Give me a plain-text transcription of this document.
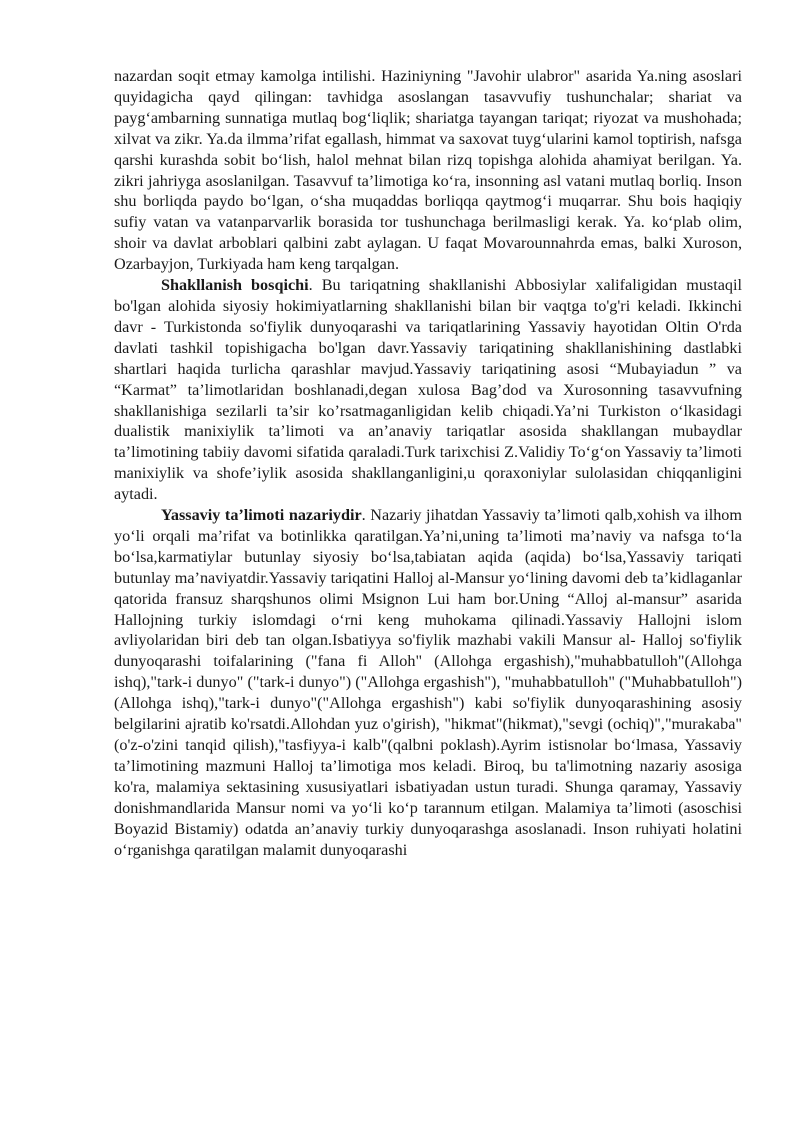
nazardan soqit etmay kamolga intilishi. Haziniyning "Javohir ulabror" asarida Ya.ning asoslari quyidagicha qayd qilingan: tavhidga asoslangan tasavvufiy tushunchalar; shariat va payg‘ambarning sunnatiga mutlaq bog‘liqlik; shariatga tayangan tariqat; riyozat va mushohada; xilvat va zikr. Ya.da ilmma’rifat egallash, himmat va saxovat tuyg‘ularini kamol toptirish, nafsga qarshi kurashda sobit bo‘lish, halol mehnat bilan rizq topishga alohida ahamiyat berilgan. Ya. zikri jahriyga asoslanilgan. Tasavvuf ta’limotiga ko‘ra, insonning asl vatani mutlaq borliq. Inson shu borliqda paydo bo‘lgan, o‘sha muqaddas borliqqa qaytmog‘i muqarrar. Shu bois haqiqiy sufiy vatan va vatanparvarlik borasida tor tushunchaga berilmasligi kerak. Ya. ko‘plab olim, shoir va davlat arboblari qalbini zabt aylagan. U faqat Movarounnahrda emas, balki Xuroson, Ozarbayjon, Turkiyada ham keng tarqalgan.

Shakllanish bosqichi. Bu tariqatning shakllanishi Abbosiylar xalifaligidan mustaqil bo'lgan alohida siyosiy hokimiyatlarning shakllanishi bilan bir vaqtga to'g'ri keladi. Ikkinchi davr - Turkistonda so'fiylik dunyoqarashi va tariqatlarining Yassaviy hayotidan Oltin O'rda davlati tashkil topishigacha bo'lgan davr.Yassaviy tariqatining shakllanishining dastlabki shartlari haqida turlicha qarashlar mavjud.Yassaviy tariqatining asosi “Mubayiadun ” va “Karmat” ta’limotlaridan boshlanadi,degan xulosa Bag’dod va Xurosonning tasavvufning shakllanishiga sezilarli ta’sir ko’rsatmaganligidan kelib chiqadi.Ya’ni Turkiston o‘lkasidagi dualistik manixiylik ta’limoti va an’anaviy tariqatlar asosida shakllangan mubaydlar ta’limotining tabiiy davomi sifatida qaraladi.Turk tarixchisi Z.Validiy To‘g‘on Yassaviy ta’limoti manixiylik va shofe’iylik asosida shakllanganligini,u qoraxoniylar sulolasidan chiqqanligini aytadi.

Yassaviy ta’limoti nazariydir. Nazariy jihatdan Yassaviy ta’limoti qalb,xohish va ilhom yo‘li orqali ma’rifat va botinlikka qaratilgan.Ya’ni,uning ta’limoti ma’naviy va nafsga to‘la bo‘lsa,karmatiylar butunlay siyosiy bo‘lsa,tabiatan aqida (aqida) bo‘lsa,Yassaviy tariqati butunlay ma’naviyatdir.Yassaviy tariqatini Halloj al-Mansur yo‘lining davomi deb ta’kidlaganlar qatorida fransuz sharqshunos olimi Msignon Lui ham bor.Uning “Alloj al-mansur” asarida Hallojning turkiy islomdagi o‘rni keng muhokama qilinadi.Yassaviy Hallojni islom avliyolaridan biri deb tan olgan.Isbatiyya so'fiylik mazhabi vakili Mansur al- Halloj so'fiylik dunyoqarashi toifalarining ("fana fi Alloh" (Allohga ergashish),"muhabbatulloh"(Allohga ishq),"tark-i dunyo" ("tark-i dunyo") ("Allohga ergashish"), "muhabbatulloh" ("Muhabbatulloh") (Allohga ishq),"tark-i dunyo"("Allohga ergashish") kabi so'fiylik dunyoqarashining asosiy belgilarini ajratib ko'rsatdi.Allohdan yuz o'girish), "hikmat"(hikmat),"sevgi (ochiq)","murakaba" (o'z-o'zini tanqid qilish),"tasfiyya-i kalb"(qalbni poklash).Ayrim istisnolar bo‘lmasa, Yassaviy ta’limotining mazmuni Halloj ta’limotiga mos keladi. Biroq, bu ta'limotning nazariy asosiga ko'ra, malamiya sektasining xususiyatlari isbatiyadan ustun turadi. Shunga qaramay, Yassaviy donishmandlarida Mansur nomi va yo‘li ko‘p tarannum etilgan. Malamiya ta’limoti (asoschisi Boyazid Bistamiy) odatda an’anaviy turkiy dunyoqarashga asoslanadi. Inson ruhiyati holatini o‘rganishga qaratilgan malamit dunyoqarashi
